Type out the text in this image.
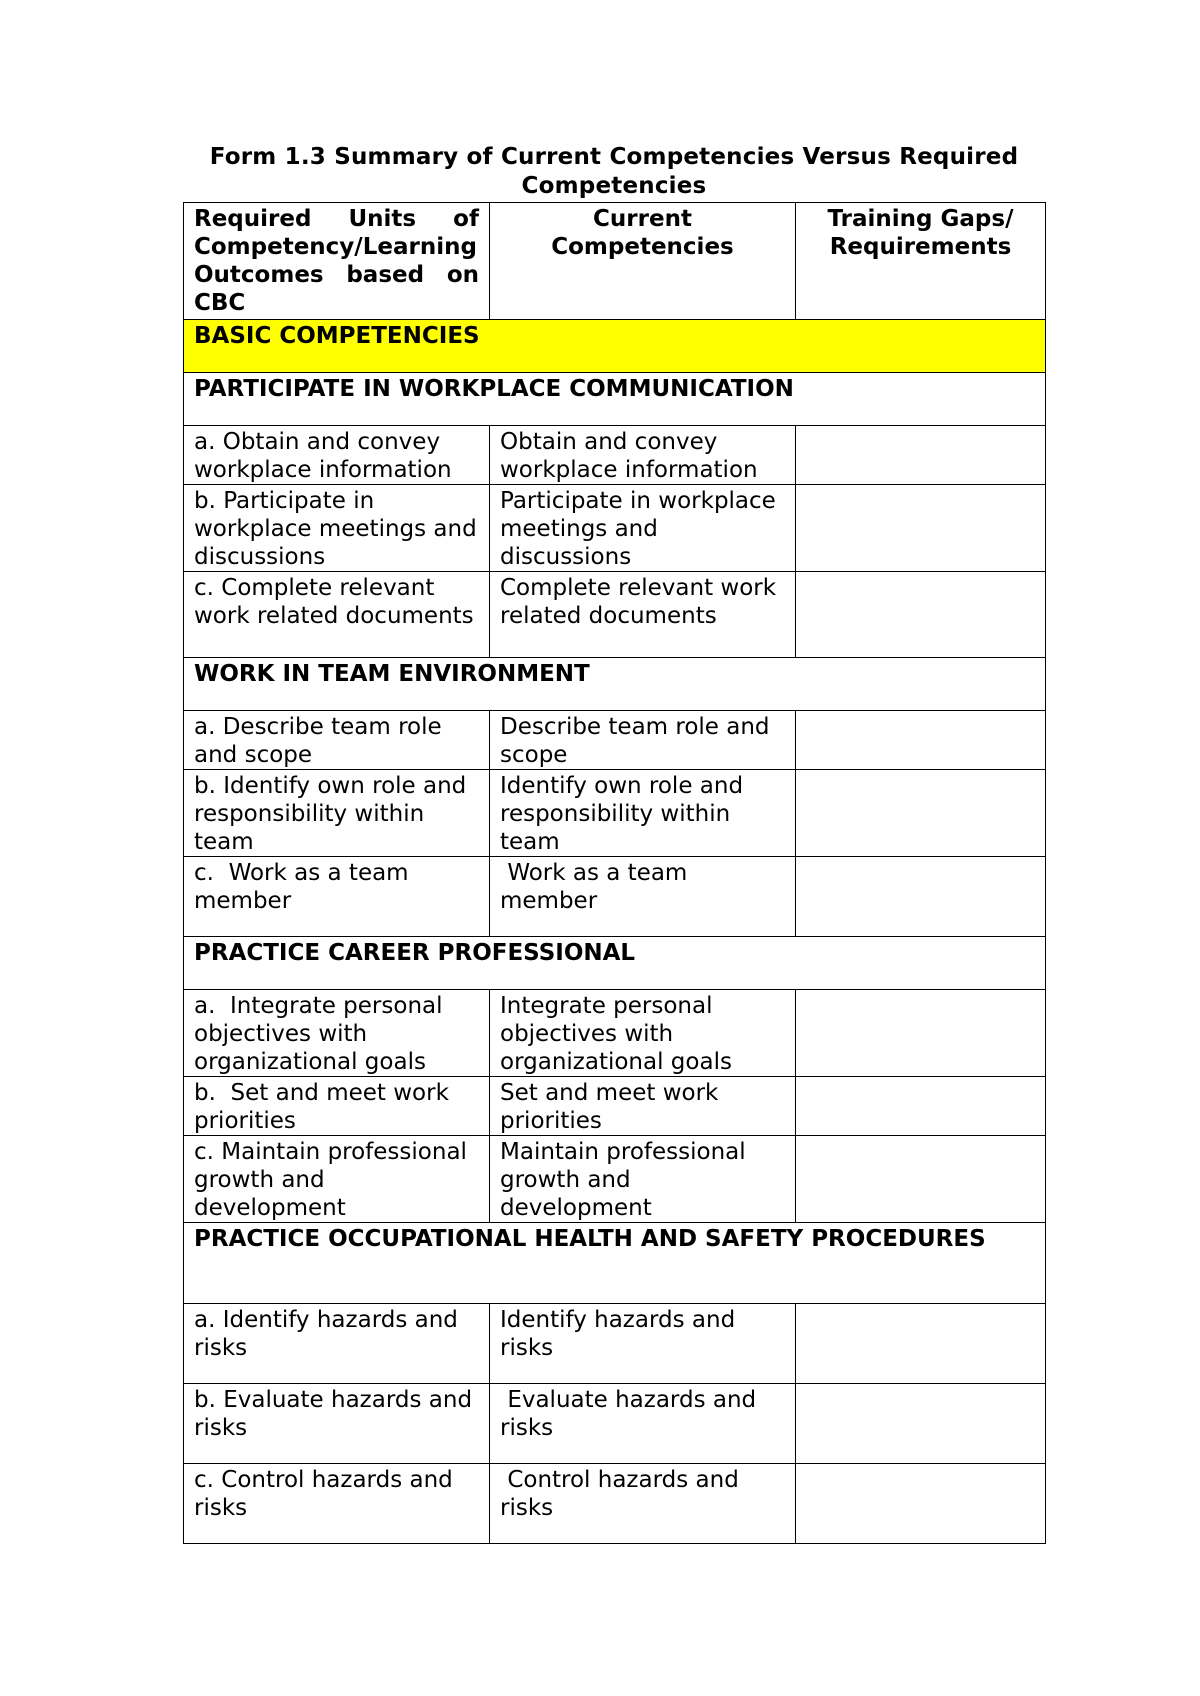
Form 1.3 Summary of Current Competencies Versus Required Competencies
Required Units of Competency/Learning Outcomes based on CBC	Current Competencies	Training Gaps/ Requirements
BASIC COMPETENCIES		
PARTICIPATE IN WORKPLACE COMMUNICATION		
a. Obtain and convey workplace information	Obtain and convey workplace information	
b. Participate in workplace meetings and discussions	Participate in workplace meetings and discussions	
c. Complete relevant work related documents	Complete relevant work related documents	
WORK IN TEAM ENVIRONMENT		
a. Describe team role and scope	Describe team role and scope	
b. Identify own role and responsibility within team	Identify own role and responsibility within team	
c.  Work as a team member	Work as a team member	
PRACTICE CAREER PROFESSIONAL		
a.  Integrate personal objectives with organizational goals	Integrate personal objectives with organizational goals	
b.  Set and meet work priorities	Set and meet work priorities	
c. Maintain professional growth and development	Maintain professional growth and development	
PRACTICE OCCUPATIONAL HEALTH AND SAFETY PROCEDURES		
a. Identify hazards and risks	Identify hazards and risks	
b. Evaluate hazards and risks	Evaluate hazards and risks	
c. Control hazards and risks	Control hazards and risks	
